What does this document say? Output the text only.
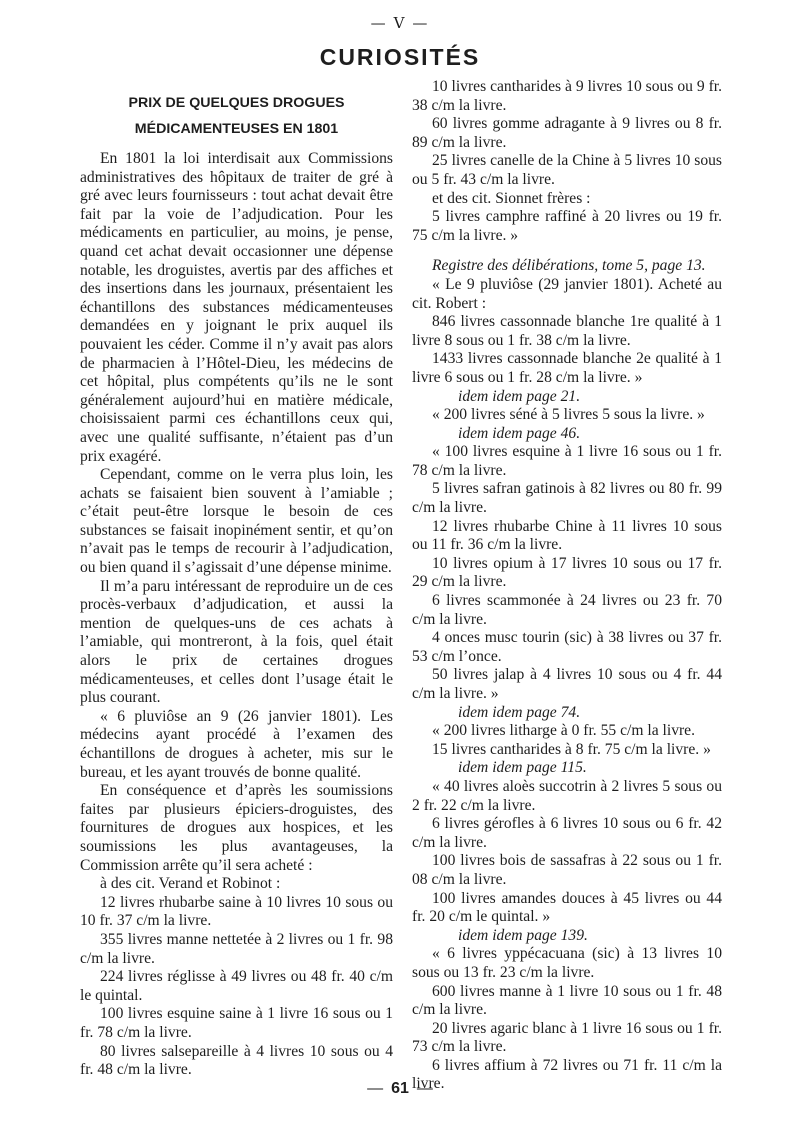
— V —
CURIOSITÉS
PRIX DE QUELQUES DROGUES
MÉDICAMENTEUSES EN 1801

En 1801 la loi interdisait aux Commissions administratives des hôpitaux de traiter de gré à gré avec leurs fournisseurs : tout achat devait être fait par la voie de l’adjudication. Pour les médicaments en particulier, au moins, je pense, quand cet achat devait occasionner une dépense notable, les droguistes, avertis par des affiches et des insertions dans les journaux, présentaient les échantillons des substances médicamenteuses demandées en y joignant le prix auquel ils pouvaient les céder. Comme il n’y avait pas alors de pharmacien à l’Hôtel-Dieu, les médecins de cet hôpital, plus compétents qu’ils ne le sont généralement aujourd’hui en matière médicale, choisissaient parmi ces échantillons ceux qui, avec une qualité suffisante, n’étaient pas d’un prix exagéré.

Cependant, comme on le verra plus loin, les achats se faisaient bien souvent à l’amiable ; c’était peut-être lorsque le besoin de ces substances se faisait inopinément sentir, et qu’on n’avait pas le temps de recourir à l’adjudication, ou bien quand il s’agissait d’une dépense minime.

Il m’a paru intéressant de reproduire un de ces procès-verbaux d’adjudication, et aussi la mention de quelques-uns de ces achats à l’amiable, qui montreront, à la fois, quel était alors le prix de certaines drogues médicamenteuses, et celles dont l’usage était le plus courant.

« 6 pluviôse an 9 (26 janvier 1801). Les médecins ayant procédé à l’examen des échantillons de drogues à acheter, mis sur le bureau, et les ayant trouvés de bonne qualité.

En conséquence et d’après les soumissions faites par plusieurs épiciers-droguistes, des fournitures de drogues aux hospices, et les soumissions les plus avantageuses, la Commission arrête qu’il sera acheté :

à des cit. Verand et Robinot :

12 livres rhubarbe saine à 10 livres 10 sous ou 10 fr. 37 c/m la livre.

355 livres manne nettetée à 2 livres ou 1 fr. 98 c/m la livre.

224 livres réglisse à 49 livres ou 48 fr. 40 c/m le quintal.

100 livres esquine saine à 1 livre 16 sous ou 1 fr. 78 c/m la livre.

80 livres salsepareille à 4 livres 10 sous ou 4 fr. 48 c/m la livre.

10 livres cantharides à 9 livres 10 sous ou 9 fr. 38 c/m la livre.

60 livres gomme adragante à 9 livres ou 8 fr. 89 c/m la livre.

25 livres canelle de la Chine à 5 livres 10 sous ou 5 fr. 43 c/m la livre.

et des cit. Sionnet frères :

5 livres camphre raffiné à 20 livres ou 19 fr. 75 c/m la livre. »

Registre des délibérations, tome 5, page 13.

« Le 9 pluviôse (29 janvier 1801). Acheté au cit. Robert :

846 livres cassonnade blanche 1re qualité à 1 livre 8 sous ou 1 fr. 38 c/m la livre.

1433 livres cassonnade blanche 2e qualité à 1 livre 6 sous ou 1 fr. 28 c/m la livre. »

idem idem page 21.

« 200 livres séné à 5 livres 5 sous la livre. »

idem idem page 46.

« 100 livres esquine à 1 livre 16 sous ou 1 fr. 78 c/m la livre.

5 livres safran gatinois à 82 livres ou 80 fr. 99 c/m la livre.

12 livres rhubarbe Chine à 11 livres 10 sous ou 11 fr. 36 c/m la livre.

10 livres opium à 17 livres 10 sous ou 17 fr. 29 c/m la livre.

6 livres scammonée à 24 livres ou 23 fr. 70 c/m la livre.

4 onces musc tourin (sic) à 38 livres ou 37 fr. 53 c/m l’once.

50 livres jalap à 4 livres 10 sous ou 4 fr. 44 c/m la livre. »

idem idem page 74.

« 200 livres litharge à 0 fr. 55 c/m la livre.

15 livres cantharides à 8 fr. 75 c/m la livre. »

idem idem page 115.

« 40 livres aloès succotrin à 2 livres 5 sous ou 2 fr. 22 c/m la livre.

6 livres gérofles à 6 livres 10 sous ou 6 fr. 42 c/m la livre.

100 livres bois de sassafras à 22 sous ou 1 fr. 08 c/m la livre.

100 livres amandes douces à 45 livres ou 44 fr. 20 c/m le quintal. »

idem idem page 139.

« 6 livres yppécacuana (sic) à 13 livres 10 sous ou 13 fr. 23 c/m la livre.

600 livres manne à 1 livre 10 sous ou 1 fr. 48 c/m la livre.

20 livres agaric blanc à 1 livre 16 sous ou 1 fr. 73 c/m la livre.

6 livres affium à 72 livres ou 71 fr. 11 c/m la livre.

— 61 —
